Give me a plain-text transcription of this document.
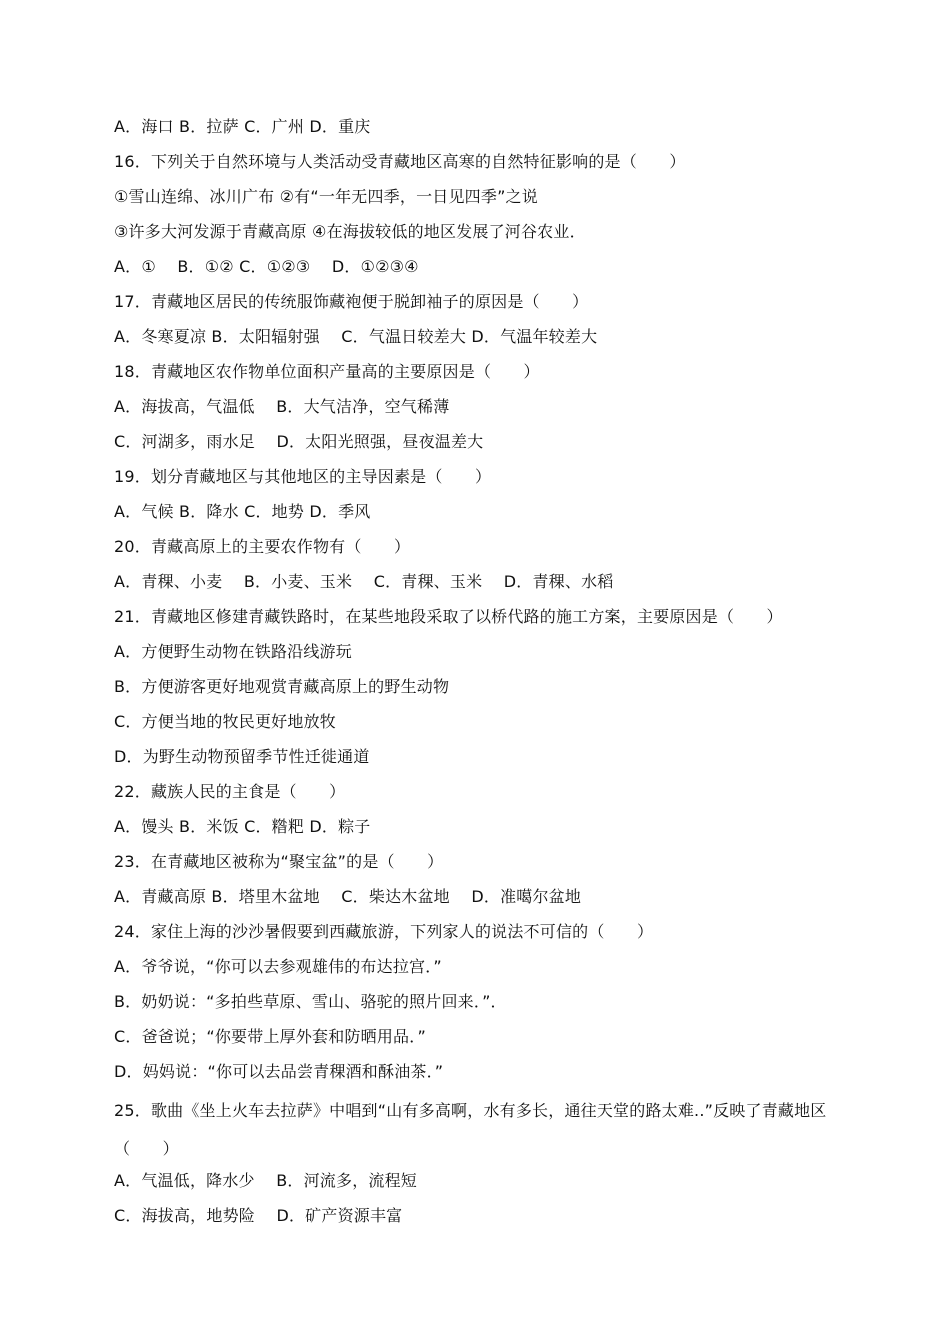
A．海口 B．拉萨 C．广州 D．重庆
16．下列关于自然环境与人类活动受青藏地区高寒的自然特征影响的是（　　）
①雪山连绵、冰川广布 ②有“一年无四季，一日见四季”之说
③许多大河发源于青藏高原 ④在海拔较低的地区发展了河谷农业．
A．①　 B．①② C．①②③　 D．①②③④
17．青藏地区居民的传统服饰藏袍便于脱卸袖子的原因是（　　）
A．冬寒夏凉 B．太阳辐射强　 C．气温日较差大 D．气温年较差大
18．青藏地区农作物单位面积产量高的主要原因是（　　）
A．海拔高，气温低　 B．大气洁净，空气稀薄
C．河湖多，雨水足　 D．太阳光照强，昼夜温差大
19．划分青藏地区与其他地区的主导因素是（　　）
A．气候 B．降水 C．地势 D．季风
20．青藏高原上的主要农作物有（　　）
A．青稞、小麦　 B．小麦、玉米　 C．青稞、玉米　 D．青稞、水稻
21．青藏地区修建青藏铁路时，在某些地段采取了以桥代路的施工方案，主要原因是（　　）
A．方便野生动物在铁路沿线游玩
B．方便游客更好地观赏青藏高原上的野生动物
C．方便当地的牧民更好地放牧
D．为野生动物预留季节性迁徙通道
22．藏族人民的主食是（　　）
A．馒头 B．米饭 C．糌粑 D．粽子
23．在青藏地区被称为“聚宝盆”的是（　　）
A．青藏高原 B．塔里木盆地　 C．柴达木盆地　 D．准噶尔盆地
24．家住上海的沙沙暑假要到西藏旅游，下列家人的说法不可信的（　　）
A．爷爷说，“你可以去参观雄伟的布达拉宫．”
B．奶奶说：“多拍些草原、雪山、骆驼的照片回来．”．
C．爸爸说；“你要带上厚外套和防晒用品．”
D．妈妈说：“你可以去品尝青稞酒和酥油茶．”
25．歌曲《坐上火车去拉萨》中唱到“山有多高啊，水有多长，通往天堂的路太难..”反映了青藏地区（　　）
A．气温低，降水少　 B．河流多，流程短
C．海拔高，地势险　 D．矿产资源丰富
